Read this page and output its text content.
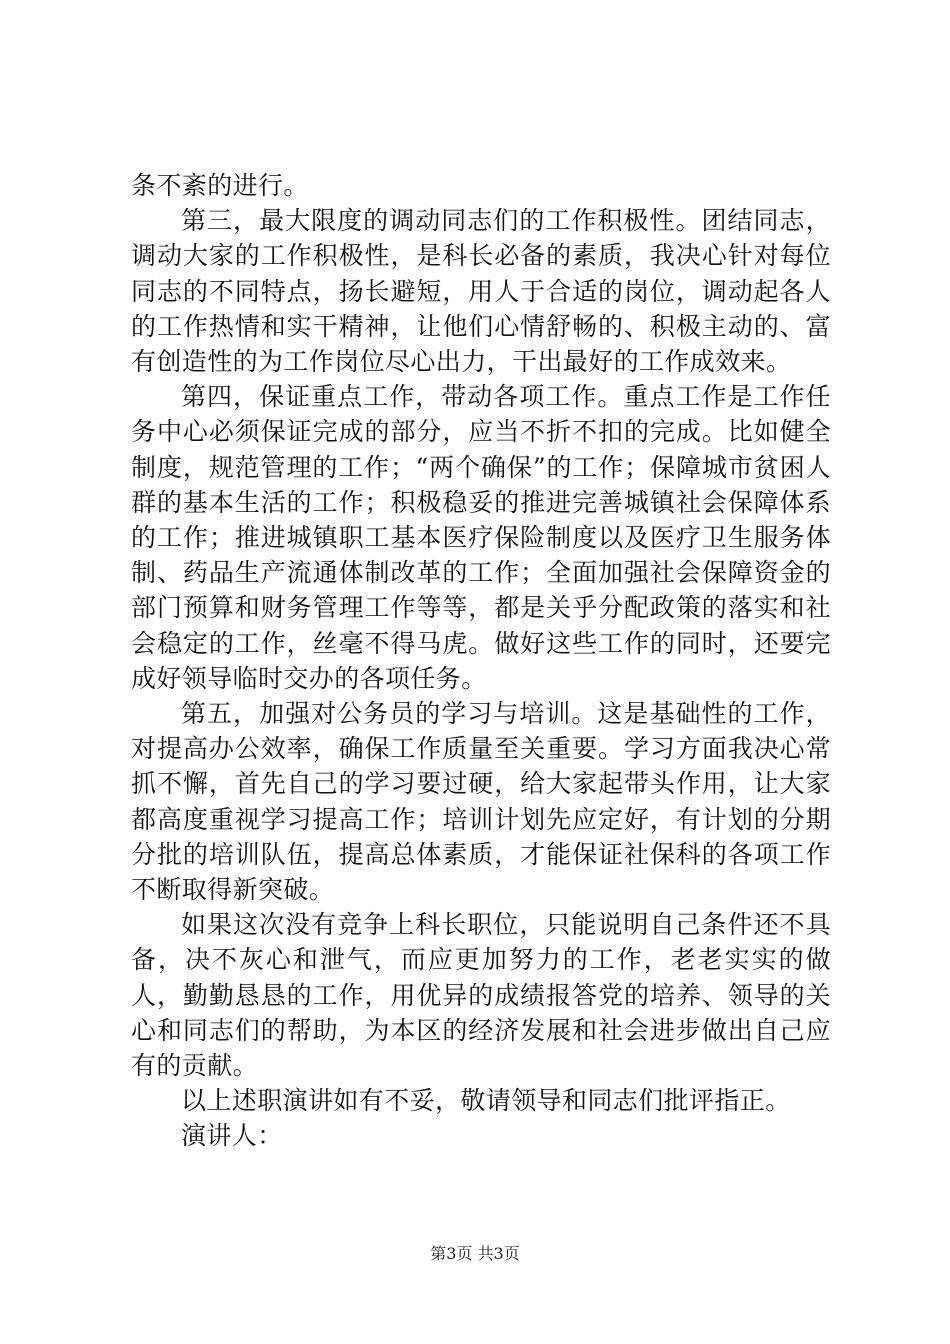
条不紊的进行。

第三，最大限度的调动同志们的工作积极性。团结同志，调动大家的工作积极性，是科长必备的素质，我决心针对每位同志的不同特点，扬长避短，用人于合适的岗位，调动起各人的工作热情和实干精神，让他们心情舒畅的、积极主动的、富有创造性的为工作岗位尽心出力，干出最好的工作成效来。

第四，保证重点工作，带动各项工作。重点工作是工作任务中心必须保证完成的部分，应当不折不扣的完成。比如健全制度，规范管理的工作；“两个确保”的工作；保障城市贫困人群的基本生活的工作；积极稳妥的推进完善城镇社会保障体系的工作；推进城镇职工基本医疗保险制度以及医疗卫生服务体制、药品生产流通体制改革的工作；全面加强社会保障资金的部门预算和财务管理工作等等，都是关乎分配政策的落实和社会稳定的工作，丝毫不得马虎。做好这些工作的同时，还要完成好领导临时交办的各项任务。

第五，加强对公务员的学习与培训。这是基础性的工作，对提高办公效率，确保工作质量至关重要。学习方面我决心常抓不懈，首先自己的学习要过硬，给大家起带头作用，让大家都高度重视学习提高工作；培训计划先应定好，有计划的分期分批的培训队伍，提高总体素质，才能保证社保科的各项工作不断取得新突破。

如果这次没有竞争上科长职位，只能说明自己条件还不具备，决不灰心和泄气，而应更加努力的工作，老老实实的做人，勤勤恳恳的工作，用优异的成绩报答党的培养、领导的关心和同志们的帮助，为本区的经济发展和社会进步做出自己应有的贡献。

以上述职演讲如有不妥，敬请领导和同志们批评指正。

演讲人：

第3页 共3页
